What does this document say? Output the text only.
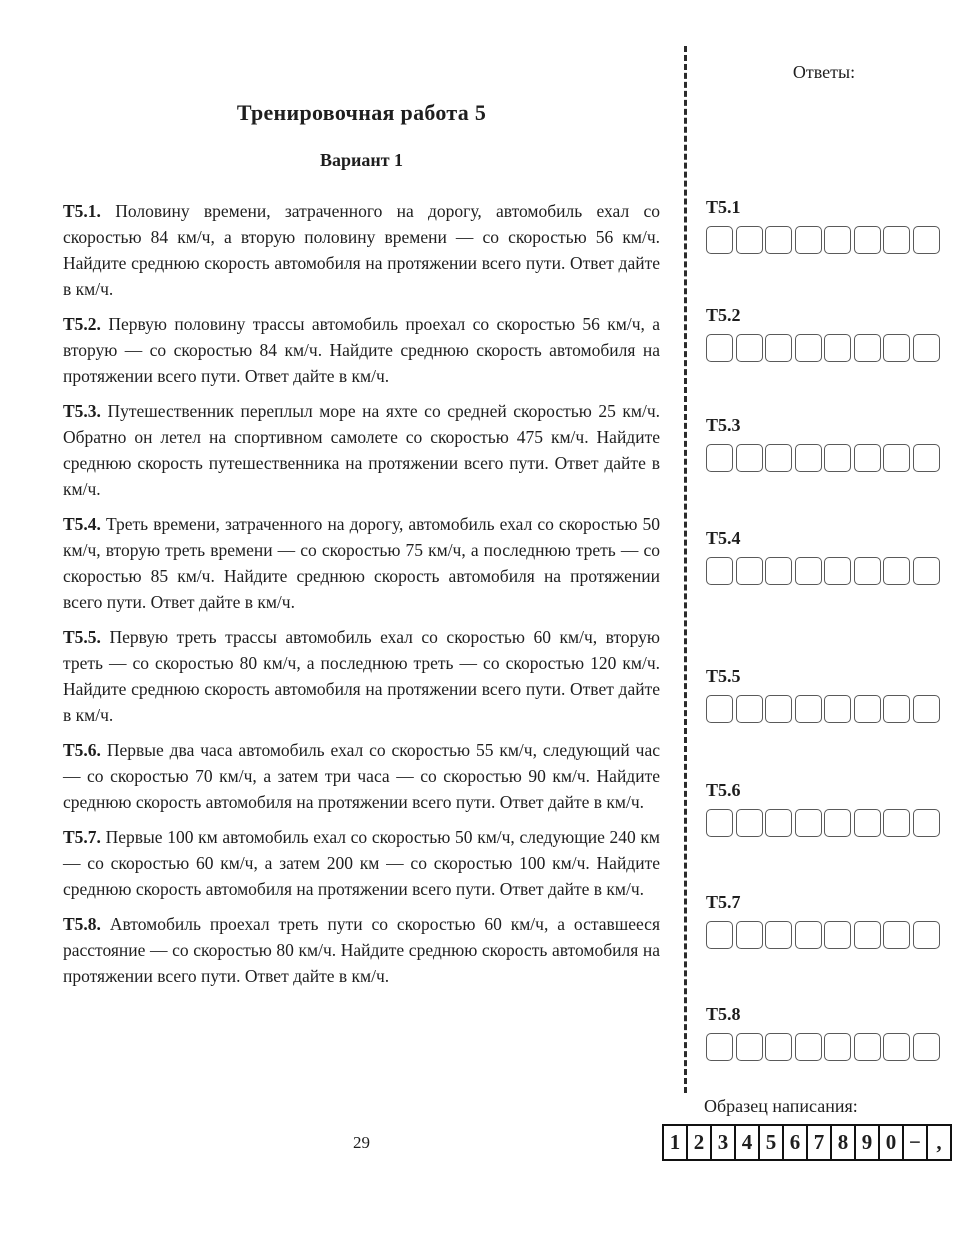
Тренировочная работа 5
Вариант 1

Т5.1. Половину времени, затраченного на дорогу, автомобиль ехал со скоростью 84 км/ч, а вторую половину времени — со скоростью 56 км/ч. Найдите среднюю скорость автомобиля на протяжении всего пути. Ответ дайте в км/ч.

Т5.2. Первую половину трассы автомобиль проехал со скоростью 56 км/ч, а вторую — со скоростью 84 км/ч. Найдите среднюю скорость автомобиля на протяжении всего пути. Ответ дайте в км/ч.

Т5.3. Путешественник переплыл море на яхте со средней скоростью 25 км/ч. Обратно он летел на спортивном самолете со скоростью 475 км/ч. Найдите среднюю скорость путешественника на протяжении всего пути. Ответ дайте в км/ч.

Т5.4. Треть времени, затраченного на дорогу, автомобиль ехал со скоростью 50 км/ч, вторую треть времени — со скоростью 75 км/ч, а последнюю треть — со скоростью 85 км/ч. Найдите среднюю скорость автомобиля на протяжении всего пути. Ответ дайте в км/ч.

Т5.5. Первую треть трассы автомобиль ехал со скоростью 60 км/ч, вторую треть — со скоростью 80 км/ч, а последнюю треть — со скоростью 120 км/ч. Найдите среднюю скорость автомобиля на протяжении всего пути. Ответ дайте в км/ч.

Т5.6. Первые два часа автомобиль ехал со скоростью 55 км/ч, следующий час — со скоростью 70 км/ч, а затем три часа — со скоростью 90 км/ч. Найдите среднюю скорость автомобиля на протяжении всего пути. Ответ дайте в км/ч.

Т5.7. Первые 100 км автомобиль ехал со скоростью 50 км/ч, следующие 240 км — со скоростью 60 км/ч, а затем 200 км — со скоростью 100 км/ч. Найдите среднюю скорость автомобиля на протяжении всего пути. Ответ дайте в км/ч.

Т5.8. Автомобиль проехал треть пути со скоростью 60 км/ч, а оставшееся расстояние — со скоростью 80 км/ч. Найдите среднюю скорость автомобиля на протяжении всего пути. Ответ дайте в км/ч.

29
Ответы:
Т5.1
Т5.2
Т5.3
Т5.4
Т5.5
Т5.6
Т5.7
Т5.8
Образец написания:
1 2 3 4 5 6 7 8 9 0 − ,
